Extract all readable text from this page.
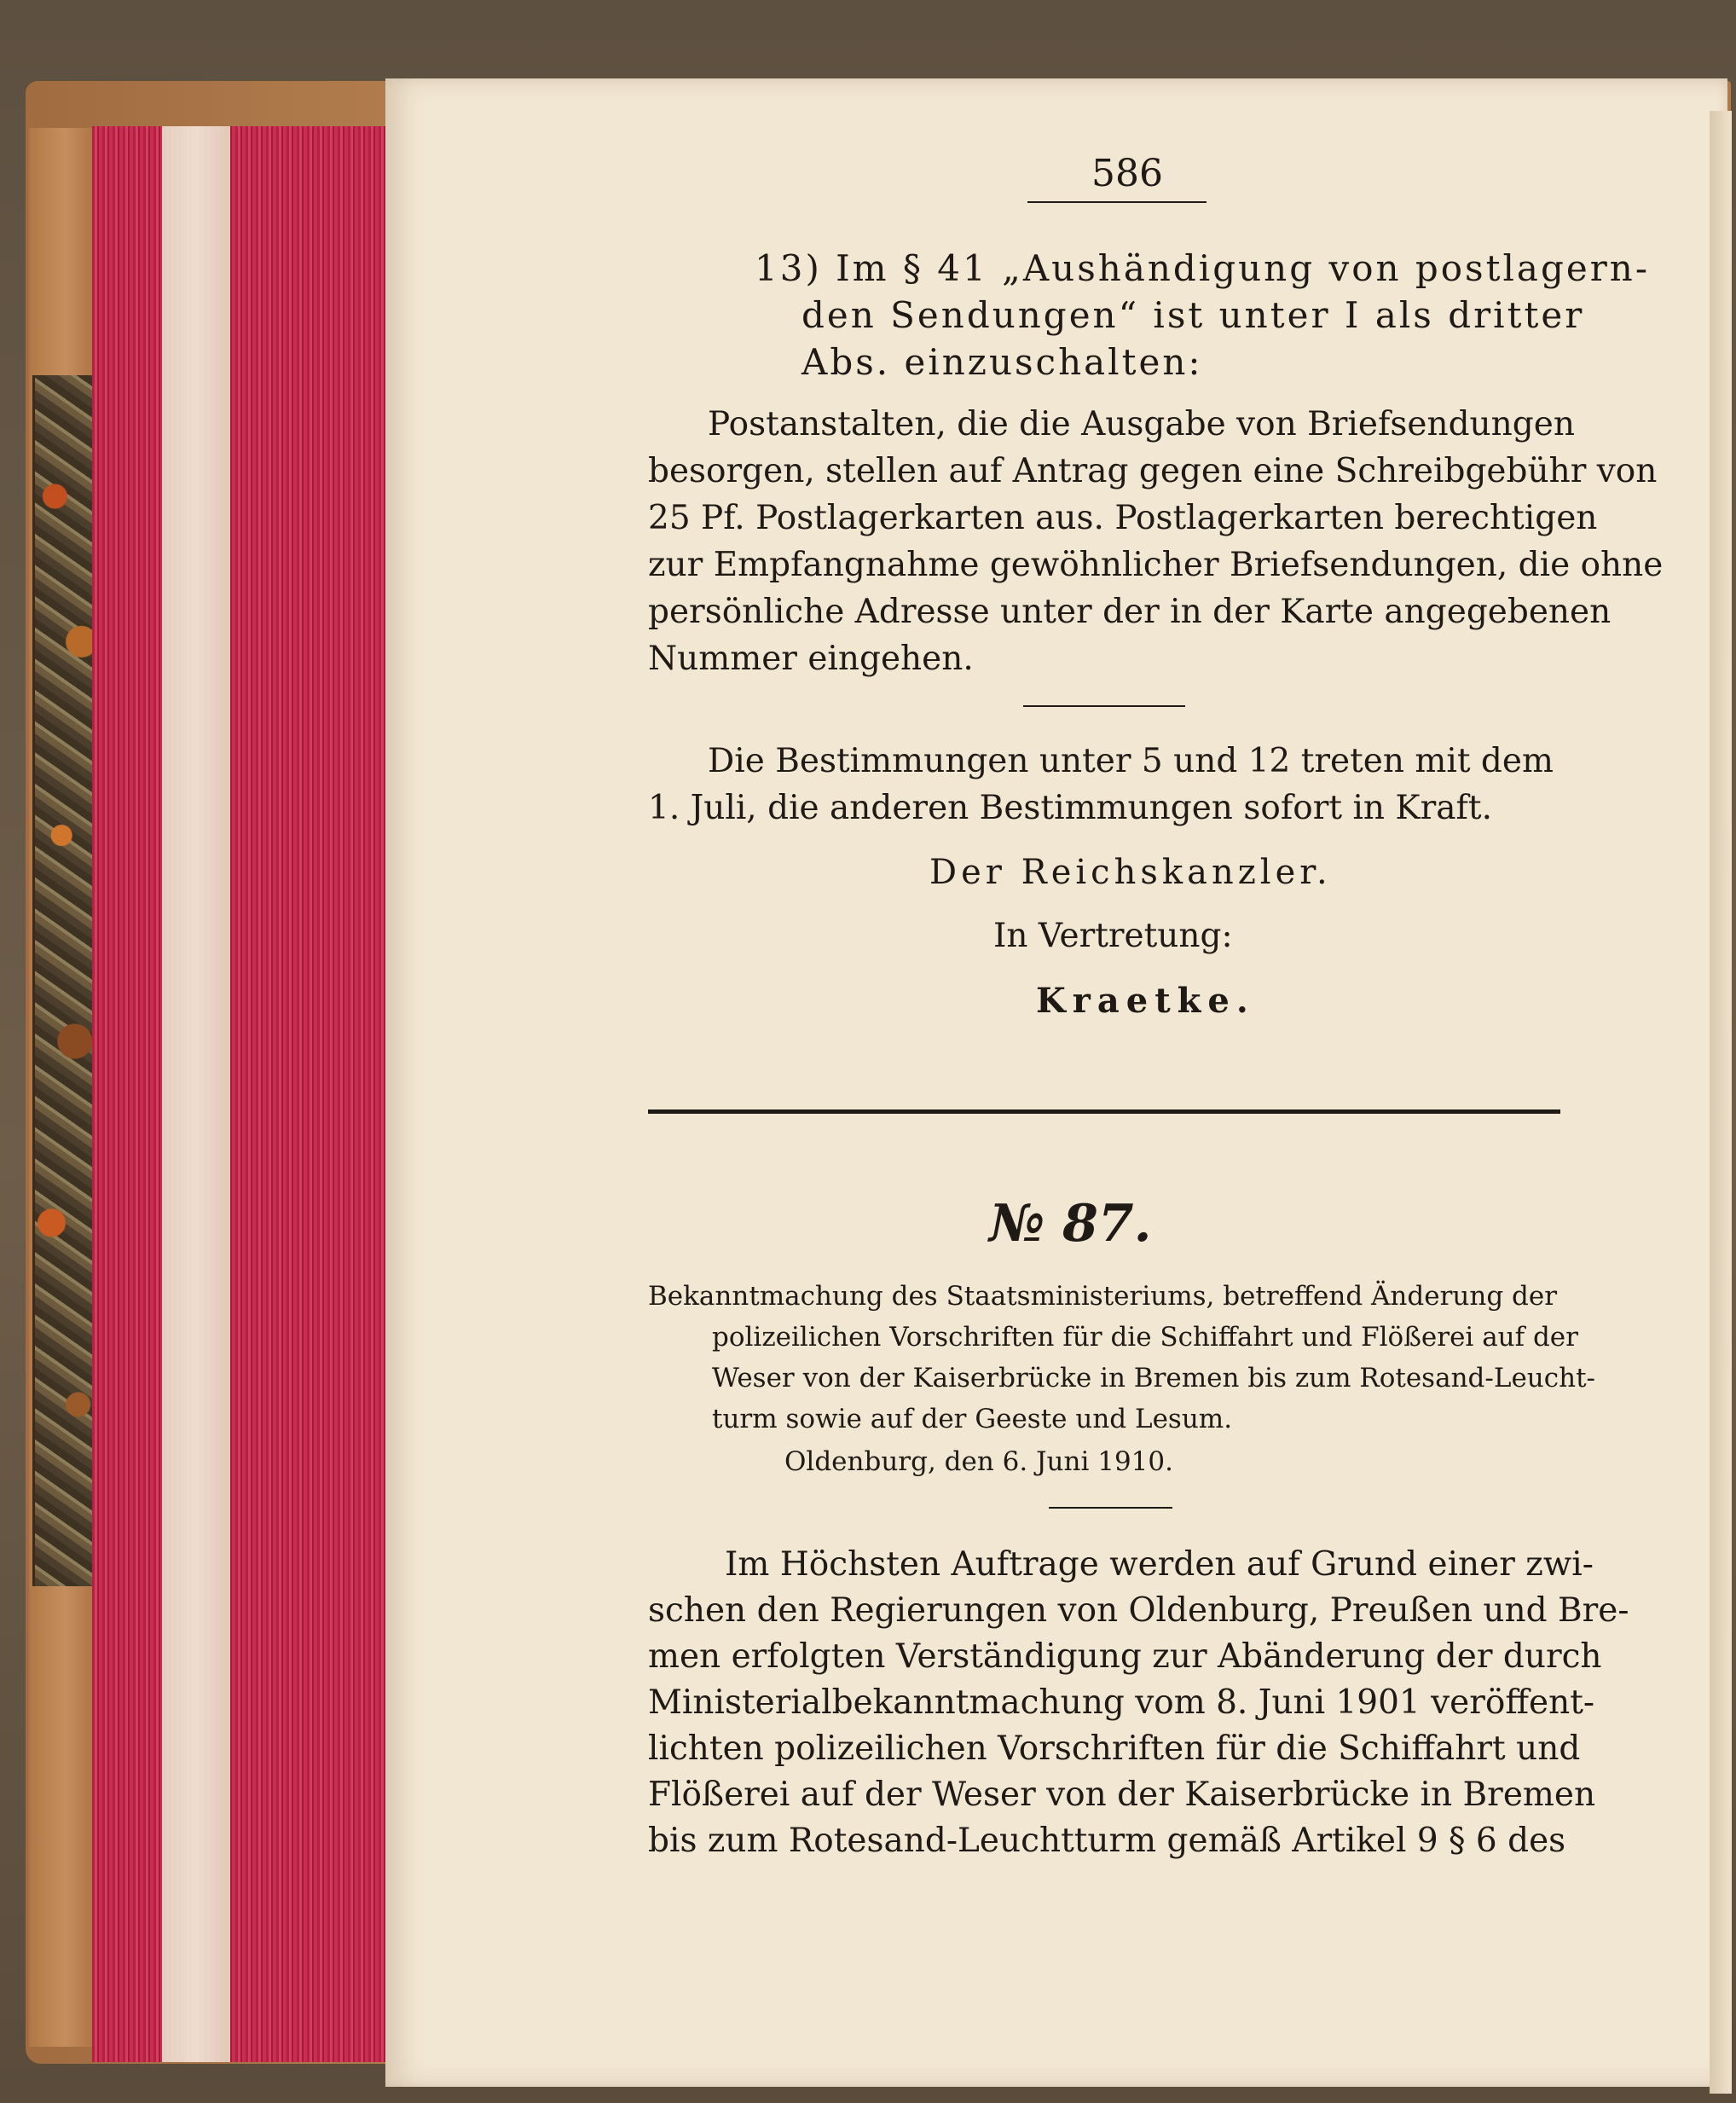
586
13) Im § 41 „Aushändigung von postlagern-
den Sendungen“ ist unter I als dritter
Abs. einzuschalten:
Postanstalten, die die Ausgabe von Briefsendungen
besorgen, stellen auf Antrag gegen eine Schreibgebühr von
25 Pf. Postlagerkarten aus. Postlagerkarten berechtigen
zur Empfangnahme gewöhnlicher Briefsendungen, die ohne
persönliche Adresse unter der in der Karte angegebenen
Nummer eingehen.
Die Bestimmungen unter 5 und 12 treten mit dem
1. Juli, die anderen Bestimmungen sofort in Kraft.
Der Reichskanzler.
In Vertretung:
Kraetke.
№ 87.
Bekanntmachung des Staatsministeriums, betreffend Änderung der
polizeilichen Vorschriften für die Schiffahrt und Flößerei auf der
Weser von der Kaiserbrücke in Bremen bis zum Rotesand-Leucht-
turm sowie auf der Geeste und Lesum.
Oldenburg, den 6. Juni 1910.
Im Höchsten Auftrage werden auf Grund einer zwi-
schen den Regierungen von Oldenburg, Preußen und Bre-
men erfolgten Verständigung zur Abänderung der durch
Ministerialbekanntmachung vom 8. Juni 1901 veröffent-
lichten polizeilichen Vorschriften für die Schiffahrt und
Flößerei auf der Weser von der Kaiserbrücke in Bremen
bis zum Rotesand-Leuchtturm gemäß Artikel 9 § 6 des
